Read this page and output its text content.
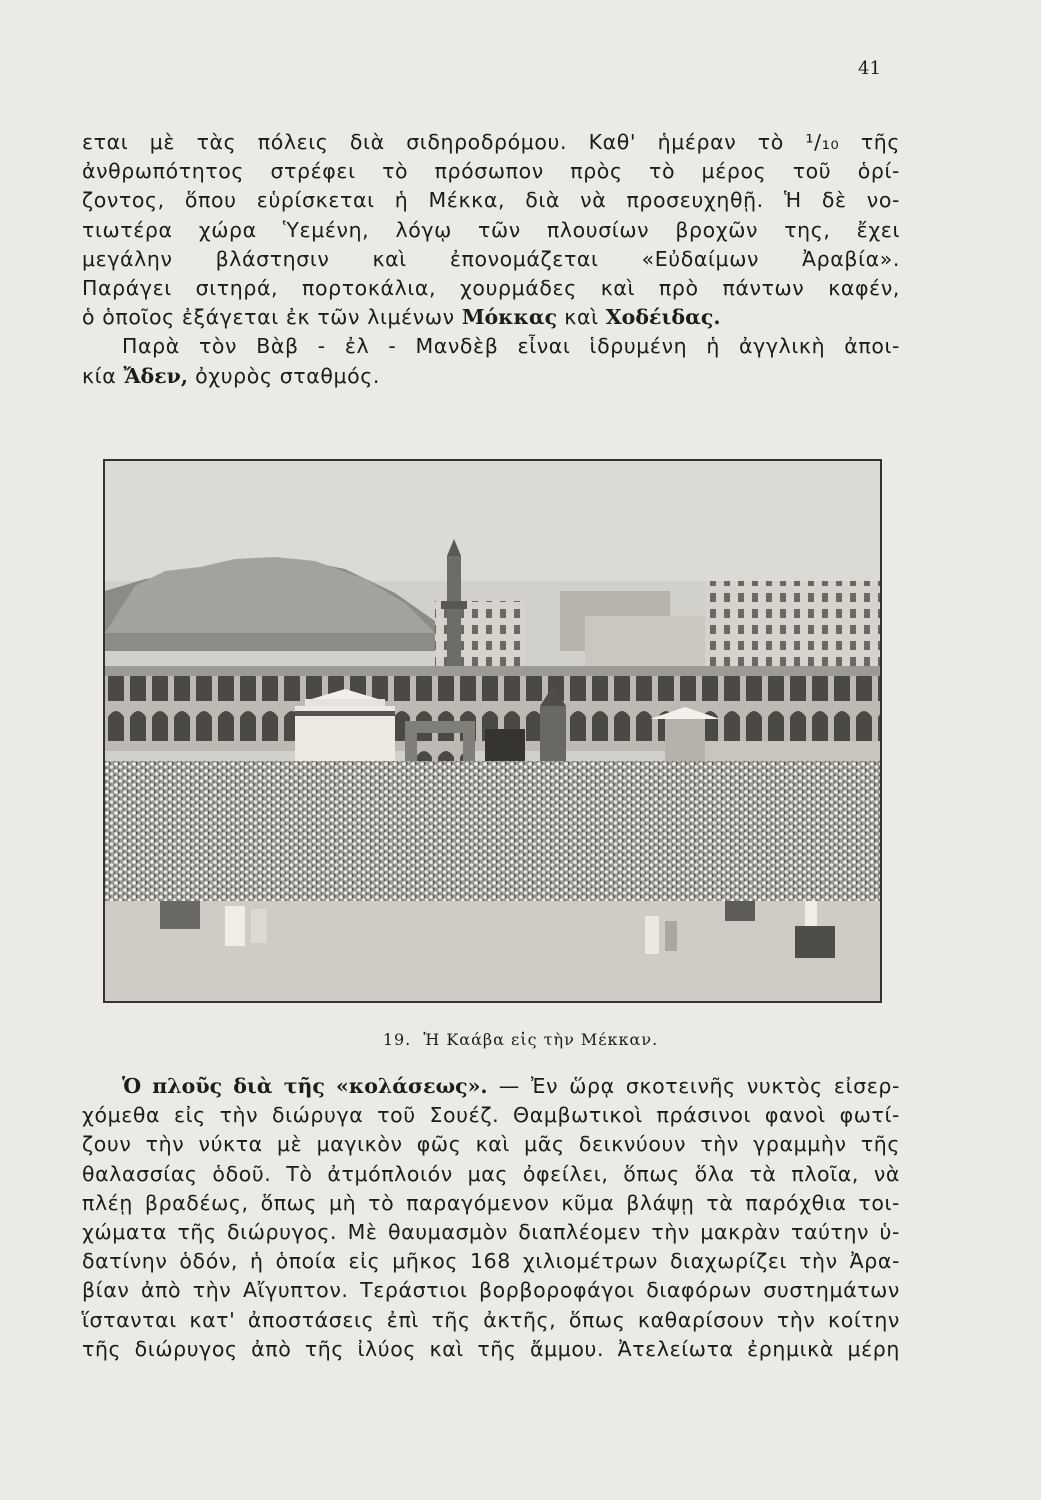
41
εται μὲ τὰς πόλεις διὰ σιδηροδρόμου. Καθ' ἡμέραν τὸ ¹/₁₀ τῆς
ἀνθρωπότητος στρέφει τὸ πρόσωπον πρὸς τὸ μέρος τοῦ ὁρί-
ζοντος, ὅπου εὑρίσκεται ἡ Μέκκα, διὰ νὰ προσευχηθῇ. Ἡ δὲ νο-
τιωτέρα χώρα Ὑεμένη, λόγῳ τῶν πλουσίων βροχῶν της, ἔχει
μεγάλην βλάστησιν καὶ ἐπονομάζεται «Εὐδαίμων Ἀραβία».
Παράγει σιτηρά, πορτοκάλια, χουρμάδες καὶ πρὸ πάντων καφέν,
ὁ ὁποῖος ἐξάγεται ἐκ τῶν λιμένων Μόκκας καὶ Χοδέιδας.
Παρὰ τὸν Βὰβ - ἐλ - Μανδὲβ εἶναι ἱδρυμένη ἡ ἀγγλικὴ ἀποι-
κία Ἄδεν, ὀχυρὸς σταθμός.
19. Ἡ Καάβα εἰς τὴν Μέκκαν.
Ὁ πλοῦς διὰ τῆς «κολάσεως». — Ἐν ὥρᾳ σκοτεινῆς νυκτὸς εἰσερ-
χόμεθα εἰς τὴν διώρυγα τοῦ Σουέζ. Θαμβωτικοὶ πράσινοι φανοὶ φωτί-
ζουν τὴν νύκτα μὲ μαγικὸν φῶς καὶ μᾶς δεικνύουν τὴν γραμμὴν τῆς
θαλασσίας ὁδοῦ. Τὸ ἀτμόπλοιόν μας ὀφείλει, ὅπως ὅλα τὰ πλοῖα, νὰ
πλέῃ βραδέως, ὅπως μὴ τὸ παραγόμενον κῦμα βλάψῃ τὰ παρόχθια τοι-
χώματα τῆς διώρυγος. Μὲ θαυμασμὸν διαπλέομεν τὴν μακρὰν ταύτην ὑ-
δατίνην ὁδόν, ἡ ὁποία εἰς μῆκος 168 χιλιομέτρων διαχωρίζει τὴν Ἀρα-
βίαν ἀπὸ τὴν Αἴγυπτον. Τεράστιοι βορβοροφάγοι διαφόρων συστημάτων
ἵστανται κατ' ἀποστάσεις ἐπὶ τῆς ἀκτῆς, ὅπως καθαρίσουν τὴν κοίτην
τῆς διώρυγος ἀπὸ τῆς ἰλύος καὶ τῆς ἄμμου. Ἀτελείωτα ἐρημικὰ μέρη
